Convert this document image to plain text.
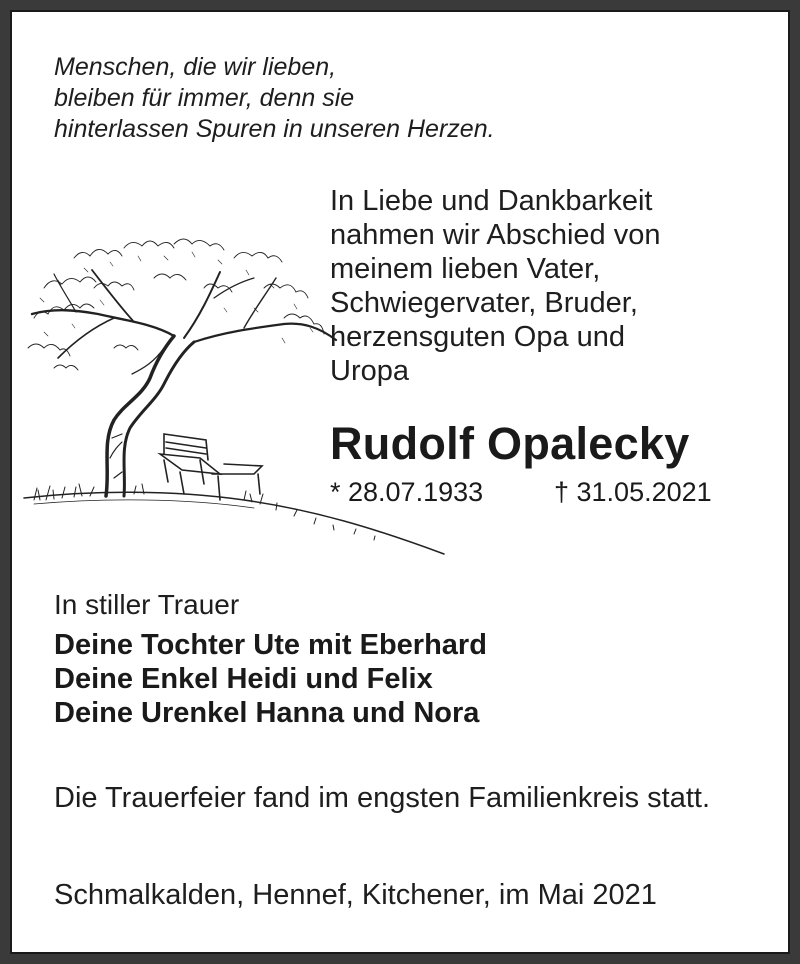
Menschen, die wir lieben,
bleiben für immer, denn sie
hinterlassen Spuren in unseren Herzen.
In Liebe und Dankbarkeit
nahmen wir Abschied von
meinem lieben Vater,
Schwiegervater, Bruder,
herzensguten Opa und
Uropa
Rudolf Opalecky
* 28.07.1933	† 31.05.2021
In stiller Trauer
Deine Tochter Ute mit Eberhard
Deine Enkel Heidi und Felix
Deine Urenkel Hanna und Nora
Die Trauerfeier fand im engsten Familienkreis statt.
Schmalkalden, Hennef, Kitchener, im Mai 2021
